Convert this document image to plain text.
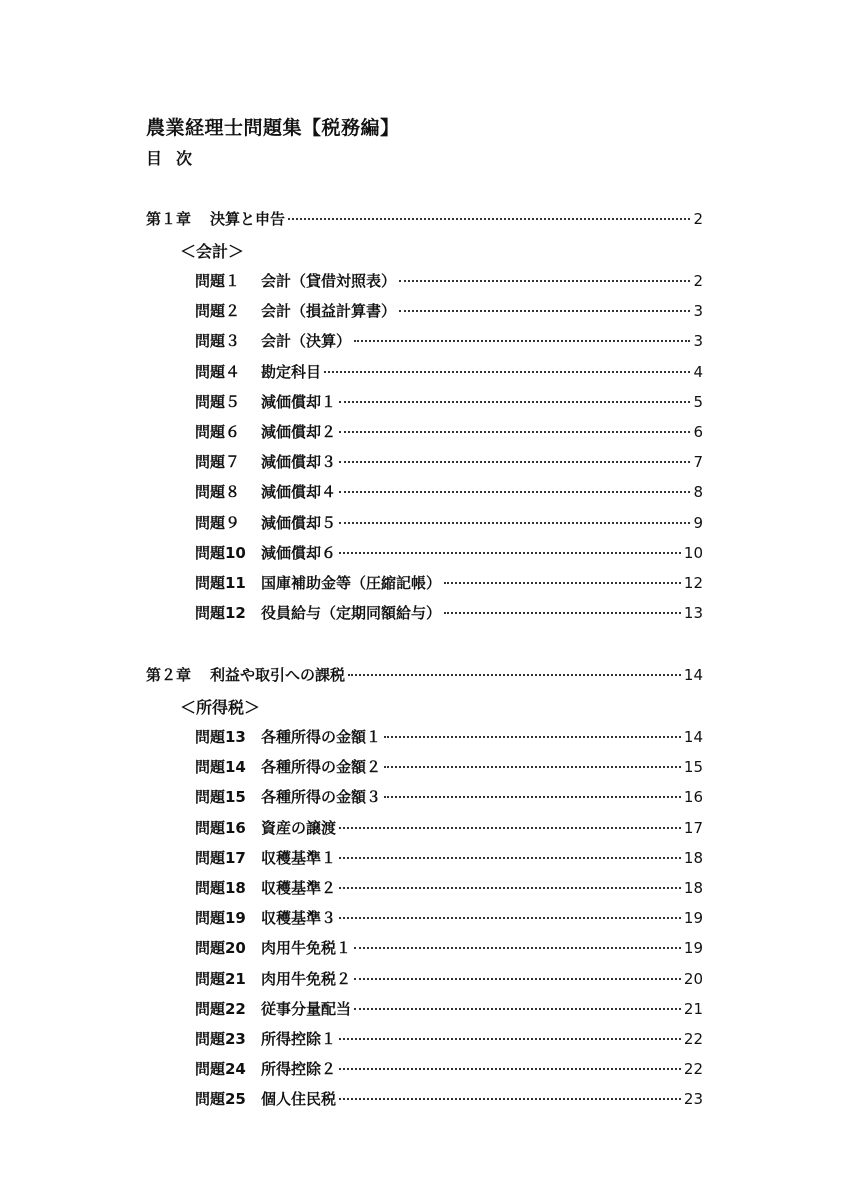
農業経理士問題集【税務編】
目次
第１章	決算と申告	2
＜会計＞
問題１	会計（貸借対照表）	2
問題２	会計（損益計算書）	3
問題３	会計（決算）	3
問題４	勘定科目	4
問題５	減価償却１	5
問題６	減価償却２	6
問題７	減価償却３	7
問題８	減価償却４	8
問題９	減価償却５	9
問題10	減価償却６	10
問題11	国庫補助金等（圧縮記帳）	12
問題12	役員給与（定期同額給与）	13
第２章	利益や取引への課税	14
＜所得税＞
問題13	各種所得の金額１	14
問題14	各種所得の金額２	15
問題15	各種所得の金額３	16
問題16	資産の譲渡	17
問題17	収穫基準１	18
問題18	収穫基準２	18
問題19	収穫基準３	19
問題20	肉用牛免税１	19
問題21	肉用牛免税２	20
問題22	従事分量配当	21
問題23	所得控除１	22
問題24	所得控除２	22
問題25	個人住民税	23
